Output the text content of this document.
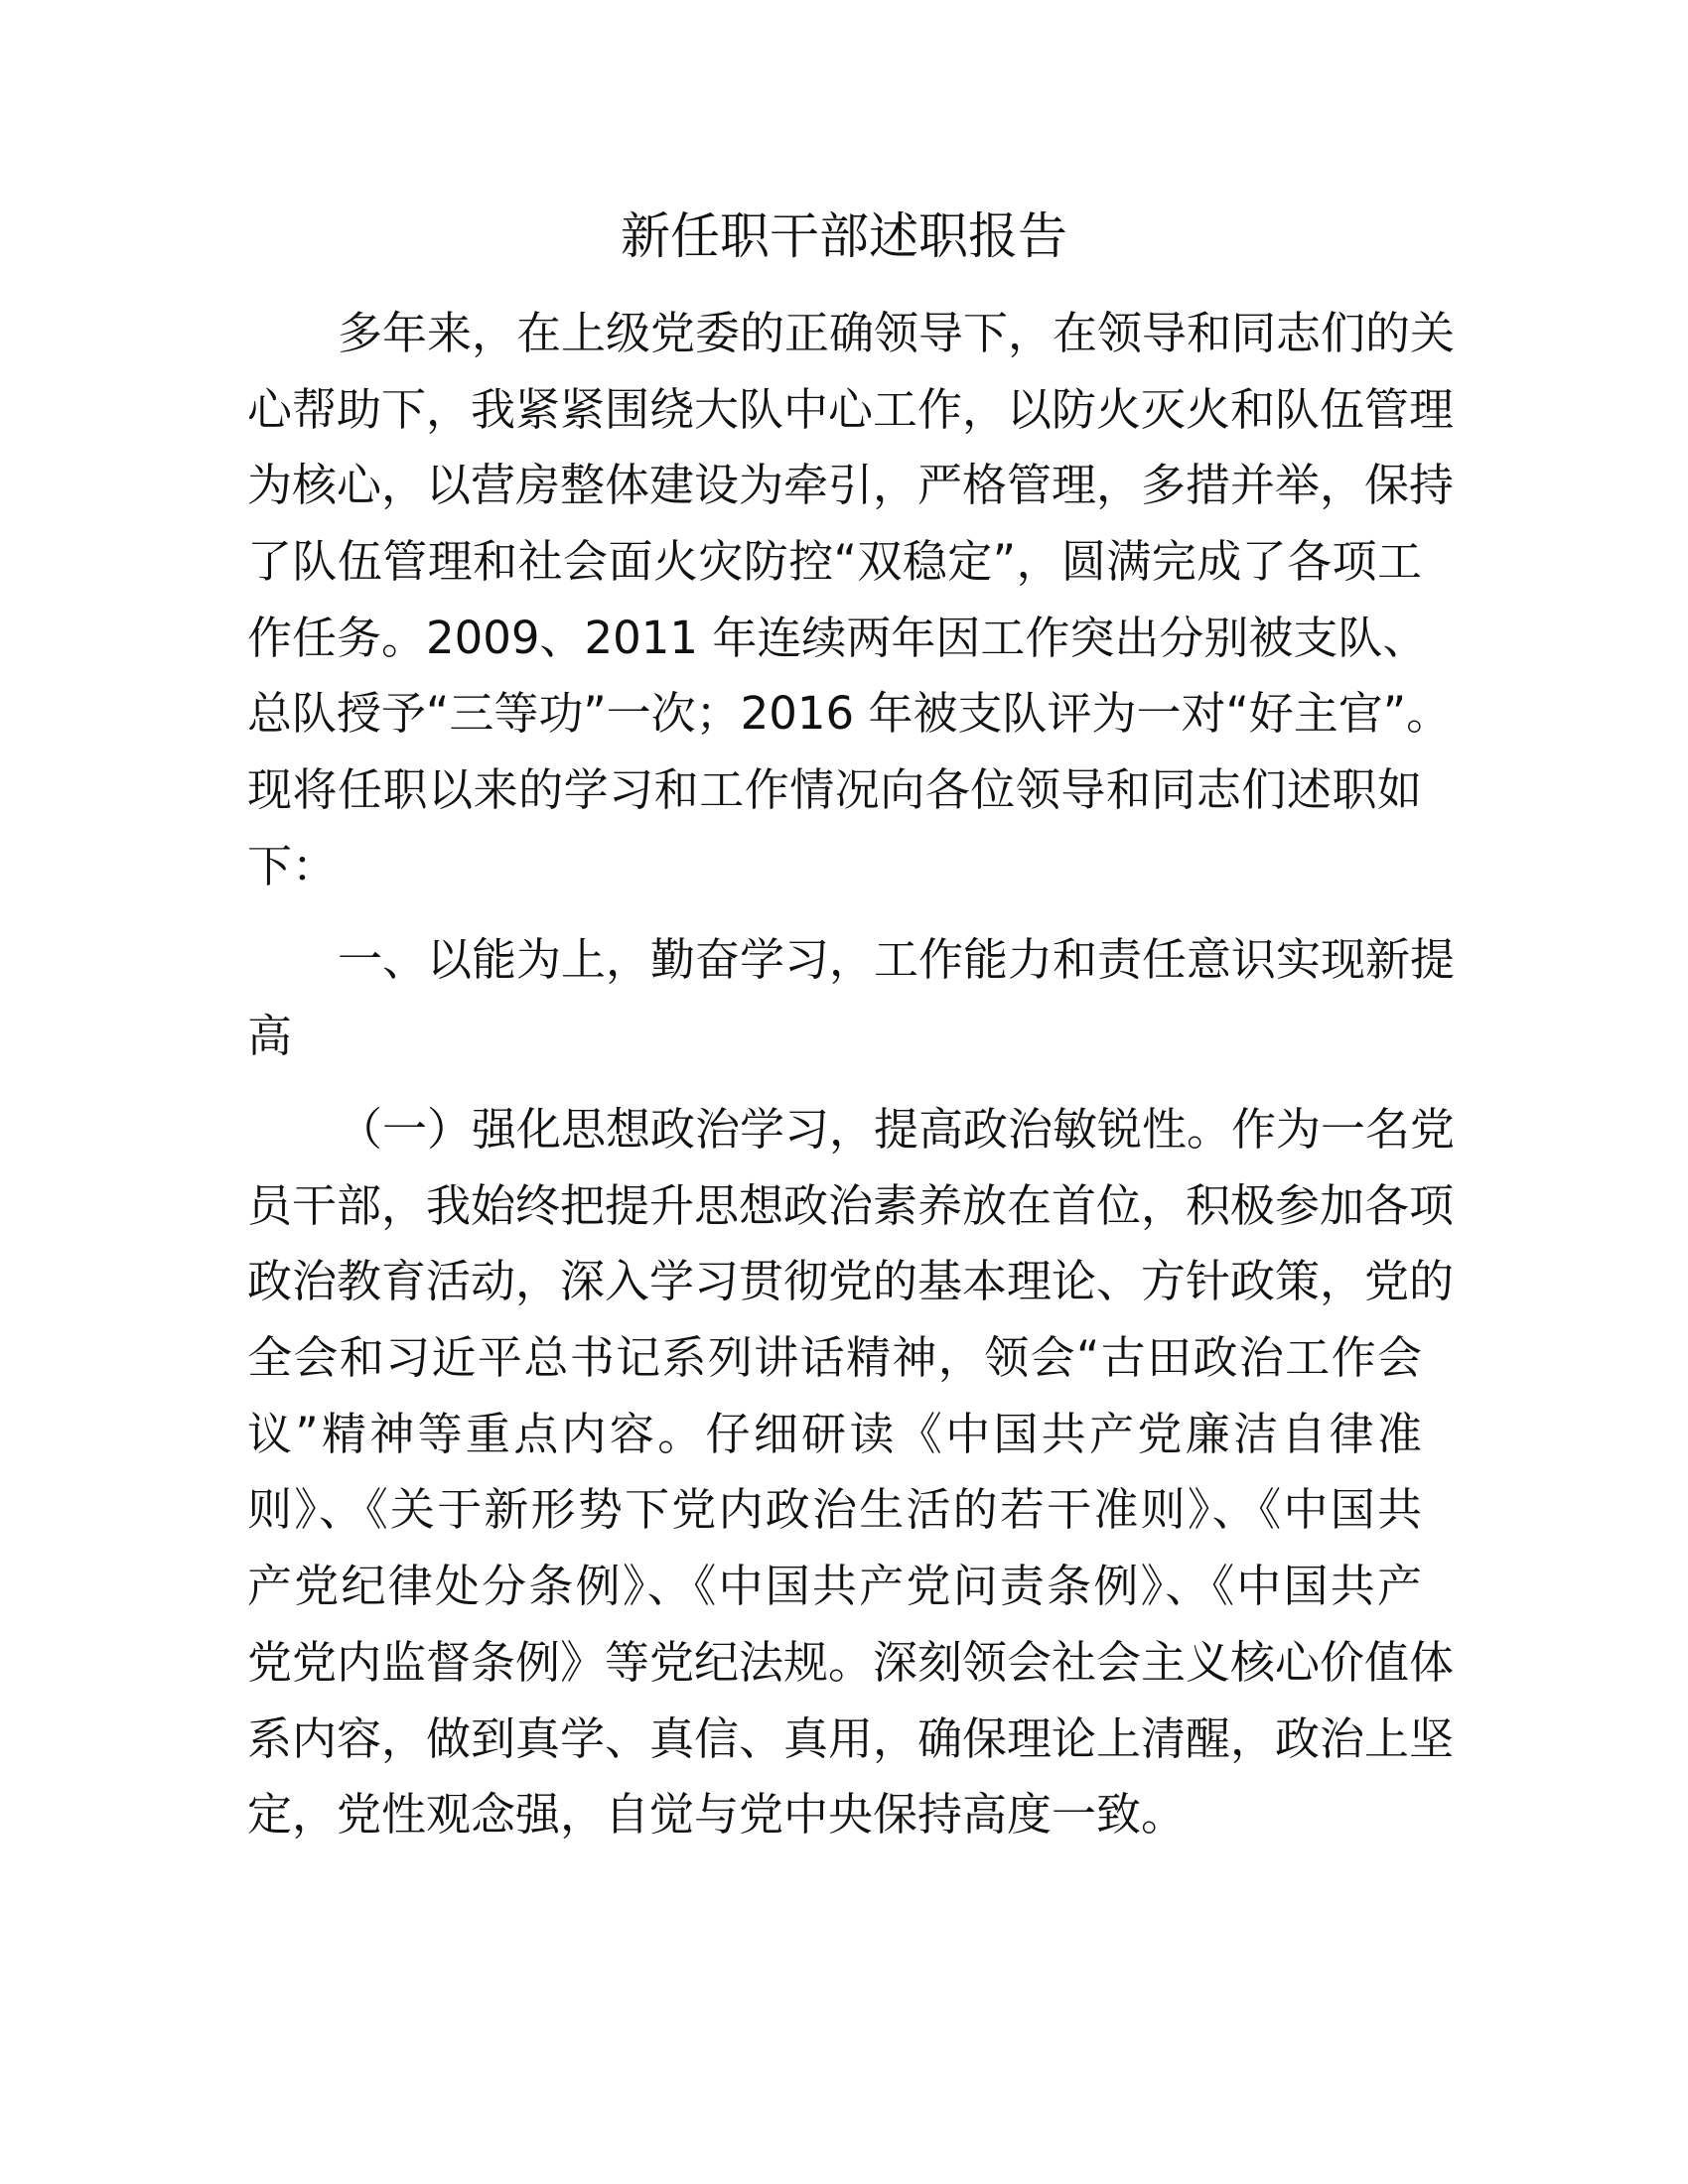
新任职干部述职报告
多年来，在上级党委的正确领导下，在领导和同志们的关
心帮助下，我紧紧围绕大队中心工作，以防火灭火和队伍管理
为核心，以营房整体建设为牵引，严格管理，多措并举，保持
了队伍管理和社会面火灾防控“双稳定”，圆满完成了各项工
作任务。2009、2011 年连续两年因工作突出分别被支队、
总队授予“三等功”一次；2016 年被支队评为一对“好主官”。
现将任职以来的学习和工作情况向各位领导和同志们述职如
下：
一、以能为上，勤奋学习，工作能力和责任意识实现新提
高
（一）强化思想政治学习，提高政治敏锐性。作为一名党
员干部，我始终把提升思想政治素养放在首位，积极参加各项
政治教育活动，深入学习贯彻党的基本理论、方针政策，党的
全会和习近平总书记系列讲话精神，领会“古田政治工作会
议”精神等重点内容。仔细研读《中国共产党廉洁自律准
则》、《关于新形势下党内政治生活的若干准则》、《中国共
产党纪律处分条例》、《中国共产党问责条例》、《中国共产
党党内监督条例》等党纪法规。深刻领会社会主义核心价值体
系内容，做到真学、真信、真用，确保理论上清醒，政治上坚
定，党性观念强，自觉与党中央保持高度一致。
